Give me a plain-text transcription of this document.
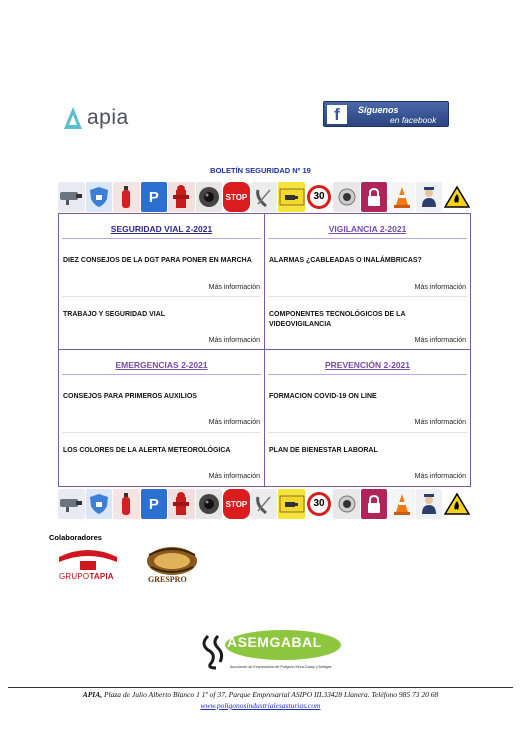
apia	f	Síguenos
en facebook
BOLETÍN SEGURIDAD Nº 19
P	STOP	30
SEGURIDAD VIAL 2-2021
DIEZ CONSEJOS DE LA DGT PARA PONER EN MARCHA
Más información
TRABAJO Y SEGURIDAD VIAL
Más información
VIGILANCIA 2-2021
ALARMAS ¿CABLEADAS O INALÁMBRICAS?
Más información
COMPONENTES TECNOLÓGICOS DE LA VIDEOVIGILANCIA
Más información
EMERGENCIAS 2-2021
CONSEJOS PARA PRIMEROS AUXILIOS
Más información
LOS COLORES DE LA ALERTA METEOROLÓGICA
Más información
PREVENCIÓN 2-2021
FORMACION COVID-19 ON LINE
Más información
PLAN DE BIENESTAR LABORAL
Más información
P	STOP	30
Colaboradores
GRUPOTAPIA	GRESPRO
ASEMGABAL
Asociación de Empresarios del Polígono Mora-Garay y Bobiges
APIA, Plaza de Julio Alberto Blanco 1 1º of 37, Parque Empresarial ASIPO III.33428 Llanera. Teléfono 985 73 20 68
www.poligonosindustrialesasturias.com
